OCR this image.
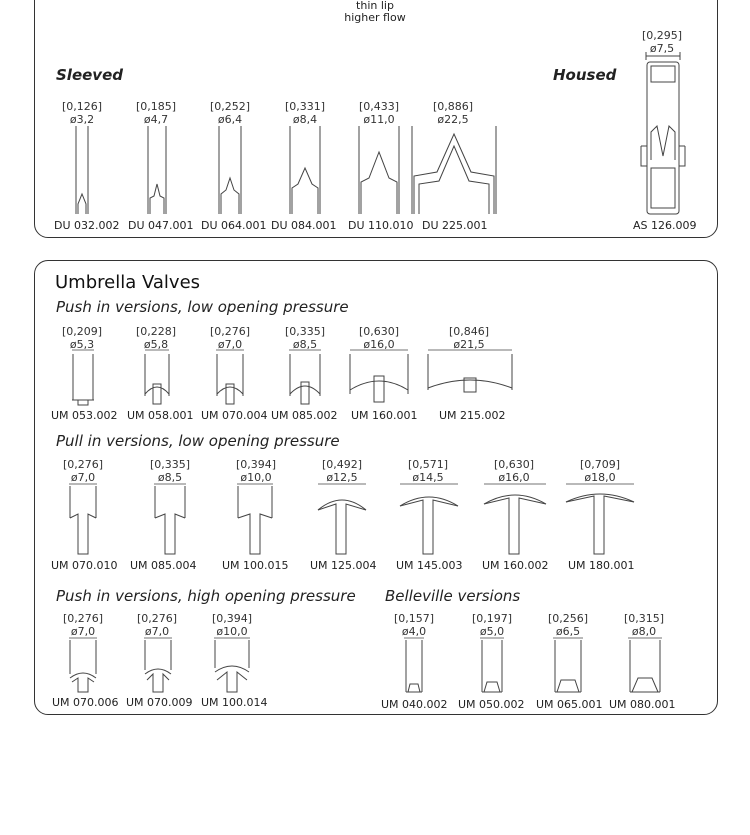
thin lip
higher flow
Sleeved	Housed
[0,126]
ø3,2
DU 032.002
[0,185]
ø4,7
DU 047.001
[0,252]
ø6,4
DU 064.001
[0,331]
ø8,4
DU 084.001
[0,433]
ø11,0
DU 110.010
[0,886]
ø22,5
DU 225.001
[0,295]
ø7,5
AS 126.009
Umbrella Valves
Push in versions, low opening pressure
[0,209]
ø5,3
UM 053.002
[0,228]
ø5,8
UM 058.001
[0,276]
ø7,0
UM 070.004
[0,335]
ø8,5
UM 085.002
[0,630]
ø16,0
UM 160.001
[0,846]
ø21,5
UM 215.002
Pull in versions, low opening pressure
[0,276]
ø7,0
UM 070.010
[0,335]
ø8,5
UM 085.004
[0,394]
ø10,0
UM 100.015
[0,492]
ø12,5
UM 125.004
[0,571]
ø14,5
UM 145.003
[0,630]
ø16,0
UM 160.002
[0,709]
ø18,0
UM 180.001
Push in versions, high opening pressure
[0,276]
ø7,0
UM 070.006
[0,276]
ø7,0
UM 070.009
[0,394]
ø10,0
UM 100.014
Belleville versions
[0,157]
ø4,0
UM 040.002
[0,197]
ø5,0
UM 050.002
[0,256]
ø6,5
UM 065.001
[0,315]
ø8,0
UM 080.001
